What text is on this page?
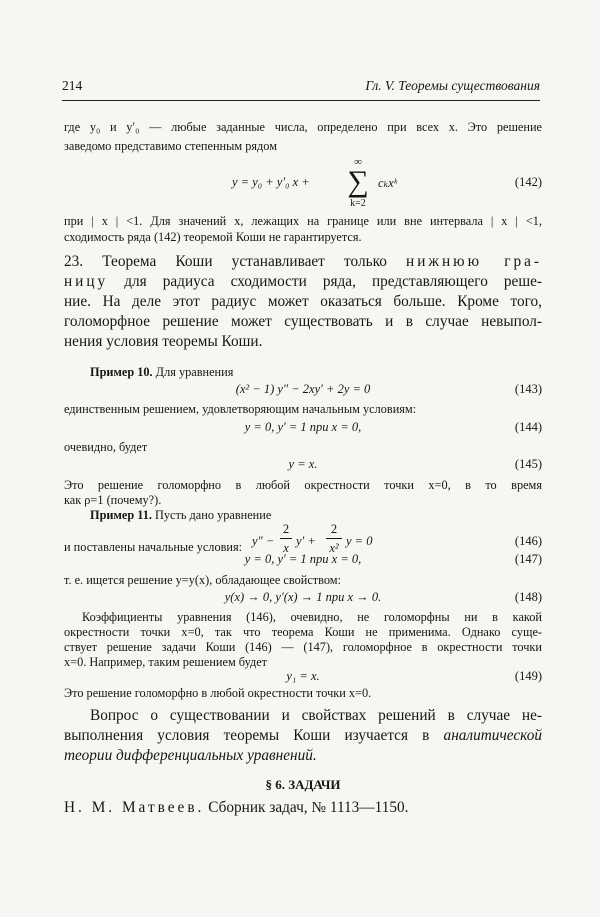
214	Гл. V. Теоремы существования
где y₀ и y′₀ — любые заданные числа, определено при всех x. Это решение
заведомо представимо степенным рядом
y = y₀ + y′₀ x +
∞
∑
k=2
cₖxᵏ	(142)
при | x | <1. Для значений x, лежащих на границе или вне интервала | x | <1,
сходимость ряда (142) теоремой Коши не гарантируется.
23. Теорема Коши устанавливает только нижнюю гра-
ницу для радиуса сходимости ряда, представляющего реше-
ние. На деле этот радиус может оказаться больше. Кроме того,
голоморфное решение может существовать и в случае невыпол-
нения условия теоремы Коши.
Пример 10. Для уравнения
(x² − 1) y″ − 2xy′ + 2y = 0	(143)
единственным решением, удовлетворяющим начальным условиям:
y = 0, y′ = 1 при x = 0,	(144)
очевидно, будет
y = x.	(145)
Это решение голоморфно в любой окрестности точки x=0, в то время
как ρ=1 (почему?).
Пример 11. Пусть дано уравнение
y″ −
2
x y′ +
2
x² y = 0	(146)
и поставлены начальные условия:
y = 0, y′ = 1 при x = 0,	(147)
т. е. ищется решение y=y(x), обладающее свойством:
y(x) → 0, y′(x) → 1 при x → 0.	(148)
Коэффициенты уравнения (146), очевидно, не голоморфны ни в какой
окрестности точки x=0, так что теорема Коши не применима. Однако суще-
ствует решение задачи Коши (146) — (147), голоморфное в окрестности точки
x=0. Например, таким решением будет
y₁ = x.	(149)
Это решение голоморфно в любой окрестности точки x=0.
Вопрос о существовании и свойствах решений в случае не-
выполнения условия теоремы Коши изучается в аналитической
теории дифференциальных уравнений.
§ 6. ЗАДАЧИ
Н. М. Матвеев. Сборник задач, № 1113—1150.
